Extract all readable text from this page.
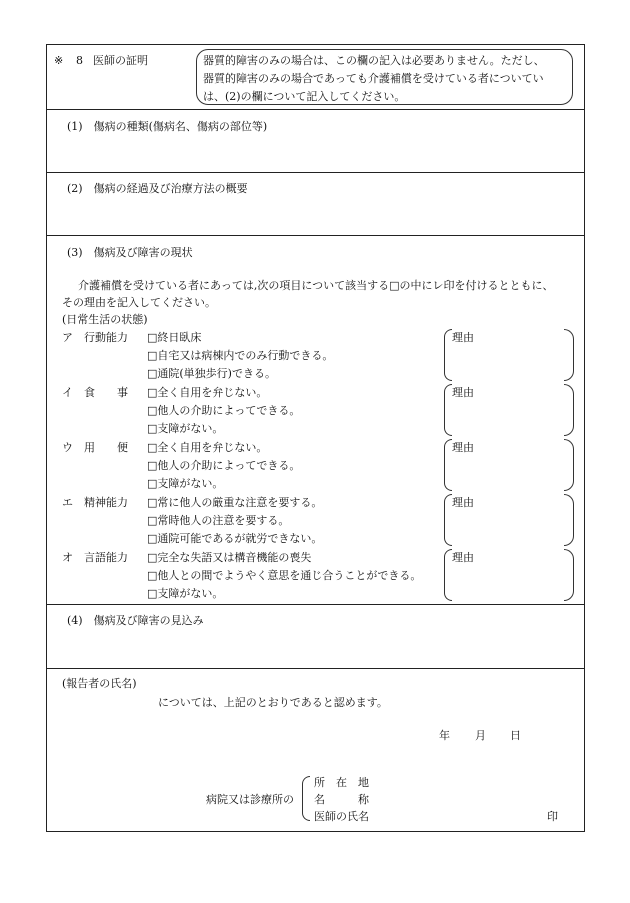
※ 8 医師の証明	器質的障害のみの場合は、この欄の記入は必要ありません。ただし、
器質的障害のみの場合であっても介護補償を受けている者についてい
は、(2)の欄について記入してください。
(1)　傷病の種類(傷病名、傷病の部位等)
(2)　傷病の経過及び治療方法の概要
(3)　傷病及び障害の現状
介護補償を受けている者にあっては,次の項目について該当する□の中にレ印を付けるとともに、
その理由を記入してください。
(日常生活の状態)
ア　行動能力 □終日臥床
□自宅又は病棟内でのみ行動できる。
□通院(単独歩行)できる。
理由
イ　食　　事 □全く自用を弁じない。
□他人の介助によってできる。
□支障がない。
理由
ウ　用　　便 □全く自用を弁じない。
□他人の介助によってできる。
□支障がない。
理由
エ　精神能力 □常に他人の厳重な注意を要する。
□常時他人の注意を要する。
□通院可能であるが就労できない。
理由
オ　言語能力 □完全な失語又は構音機能の喪失
□他人との間でようやく意思を通じ合うことができる。
□支障がない。
理由
(4)　傷病及び障害の見込み
(報告者の氏名)
については、上記のとおりであると認めます。
年 月 日
病院又は診療所の
所　在　地
名　　　称
医師の氏名	印
